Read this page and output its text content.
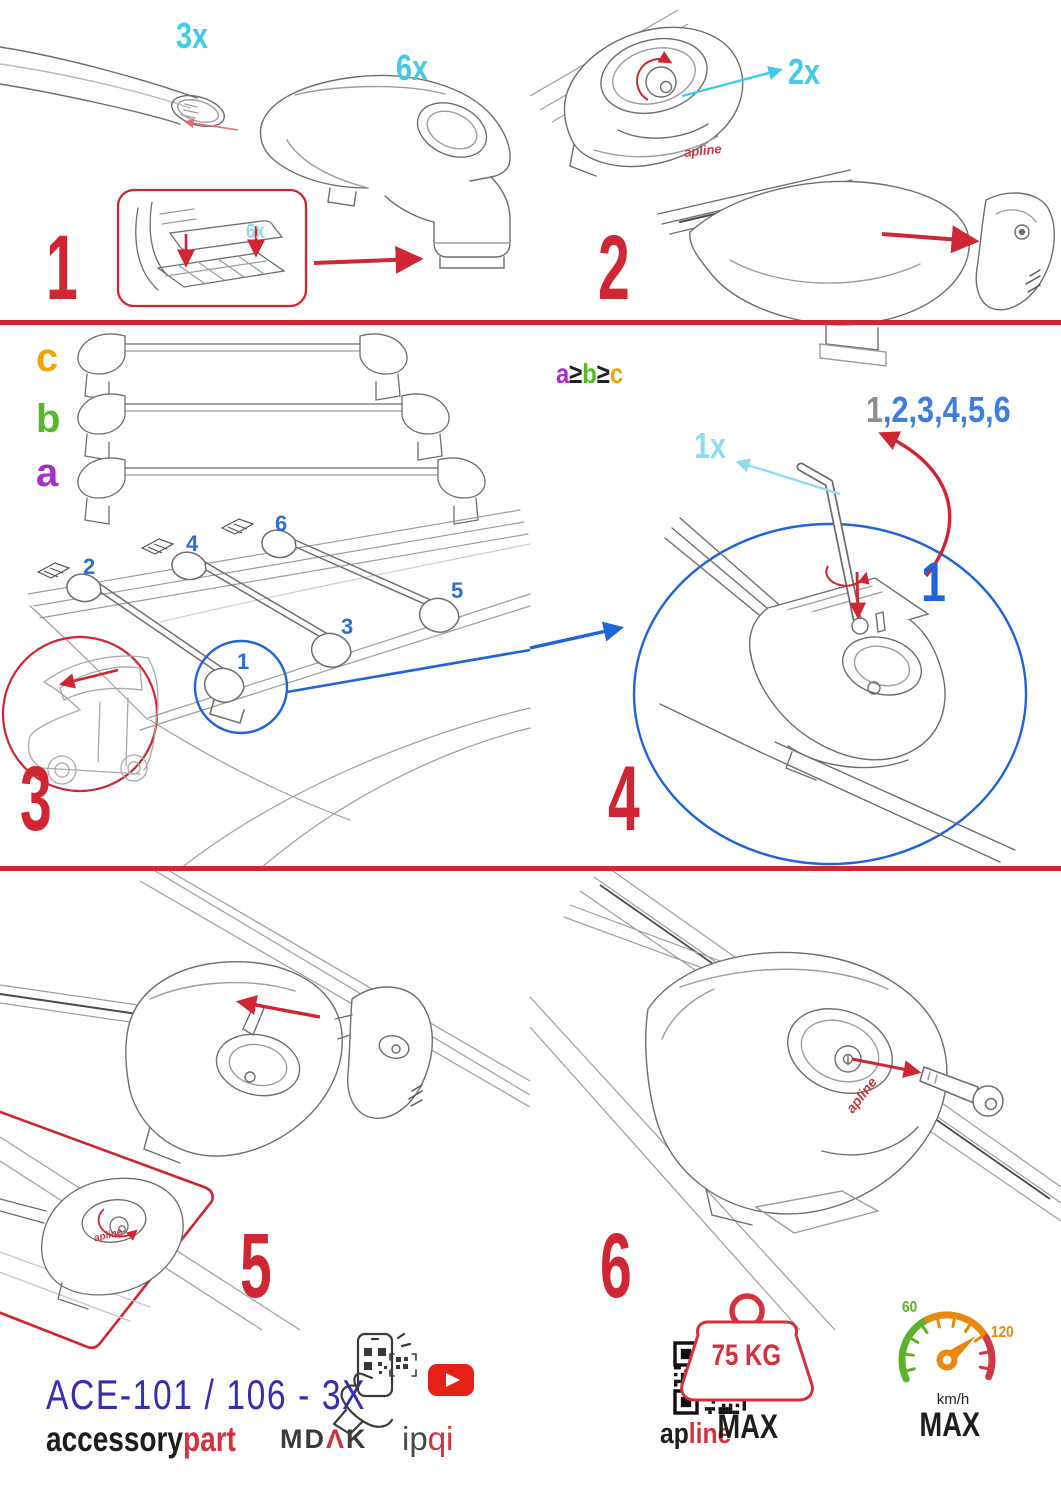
3x
6x
6x
1
2x
2
apline
c
b
a
2
4
6
3
5
1
3
a≥b≥c
1,2,3,4,5,6
1x
1
4
5
apline	6
apline
ACE-101 / 106 - 3X
accessorypart	MDΛK ipqi	apline
75 KG
MAX
60
120
km/h
MAX
